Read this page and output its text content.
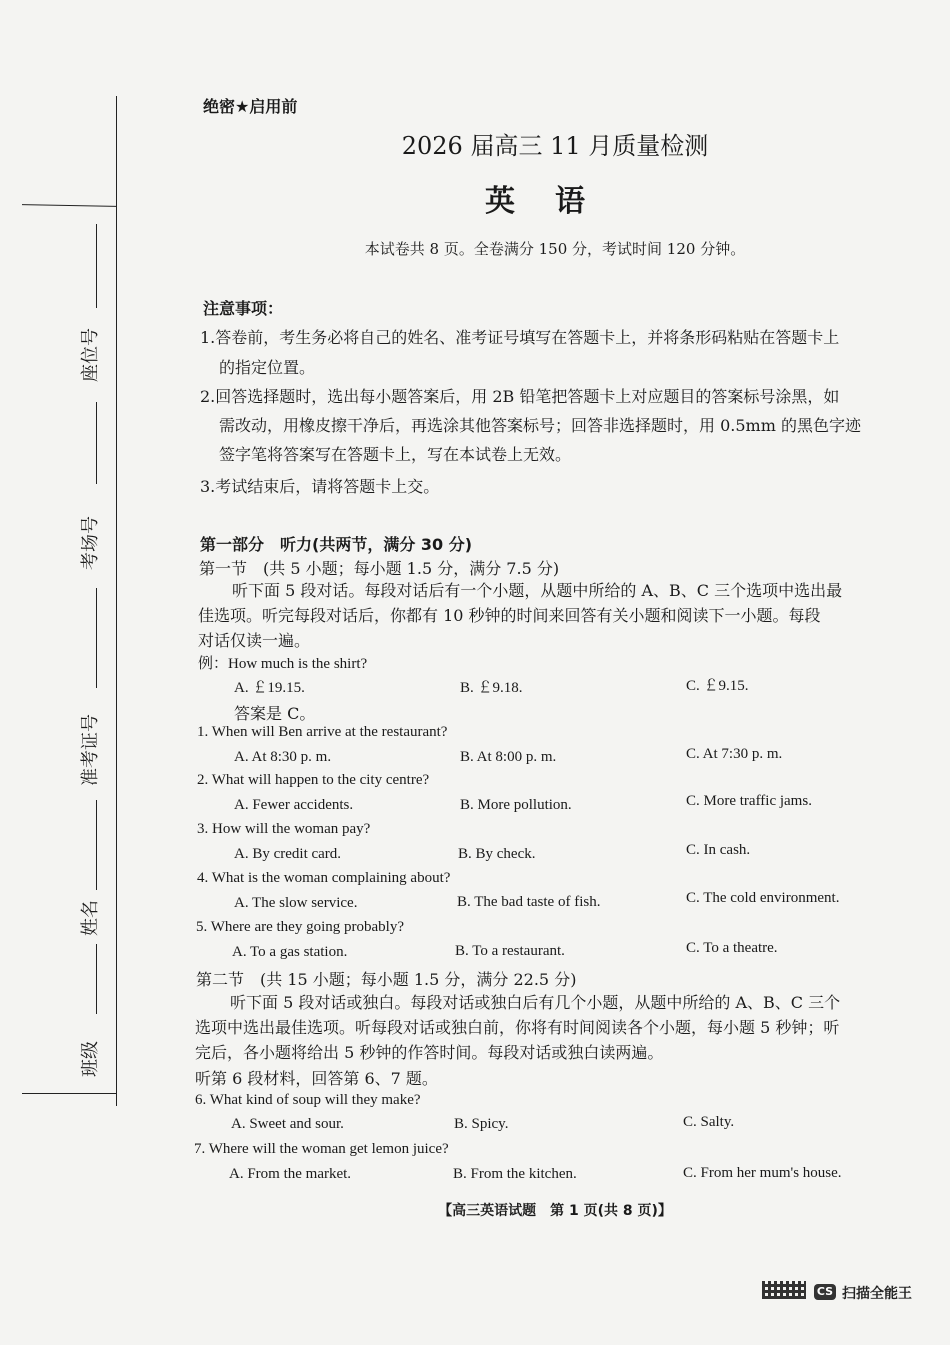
座位号
考场号
准考证号
姓名
班级
绝密★启用前
2026 届高三 11 月质量检测
英语
本试卷共 8 页。全卷满分 150 分，考试时间 120 分钟。
注意事项：
1.答卷前，考生务必将自己的姓名、准考证号填写在答题卡上，并将条形码粘贴在答题卡上
的指定位置。
2.回答选择题时，选出每小题答案后，用 2B 铅笔把答题卡上对应题目的答案标号涂黑，如
需改动，用橡皮擦干净后，再选涂其他答案标号；回答非选择题时，用 0.5mm 的黑色字迹
签字笔将答案写在答题卡上，写在本试卷上无效。
3.考试结束后，请将答题卡上交。
第一部分　听力(共两节，满分 30 分)
第一节　(共 5 小题；每小题 1.5 分，满分 7.5 分)
听下面 5 段对话。每段对话后有一个小题，从题中所给的 A、B、C 三个选项中选出最
佳选项。听完每段对话后，你都有 10 秒钟的时间来回答有关小题和阅读下一小题。每段
对话仅读一遍。
例：How much is the shirt?
A. ￡19.15.	B. ￡9.18.	C. ￡9.15.
答案是 C。
1. When will Ben arrive at the restaurant?
A. At 8:30 p. m.	B. At 8:00 p. m.	C. At 7:30 p. m.
2. What will happen to the city centre?
A. Fewer accidents.	B. More pollution.	C. More traffic jams.
3. How will the woman pay?
A. By credit card.	B. By check.	C. In cash.
4. What is the woman complaining about?
A. The slow service.	B. The bad taste of fish.	C. The cold environment.
5. Where are they going probably?
A. To a gas station.	B. To a restaurant.	C. To a theatre.
第二节　(共 15 小题；每小题 1.5 分，满分 22.5 分)
听下面 5 段对话或独白。每段对话或独白后有几个小题，从题中所给的 A、B、C 三个
选项中选出最佳选项。听每段对话或独白前，你将有时间阅读各个小题，每小题 5 秒钟；听
完后，各小题将给出 5 秒钟的作答时间。每段对话或独白读两遍。
听第 6 段材料，回答第 6、7 题。
6. What kind of soup will they make?
A. Sweet and sour.	B. Spicy.	C. Salty.
7. Where will the woman get lemon juice?
A. From the market.	B. From the kitchen.	C. From her mum's house.
【高三英语试题　第 1 页(共 8 页)】
CS 扫描全能王
